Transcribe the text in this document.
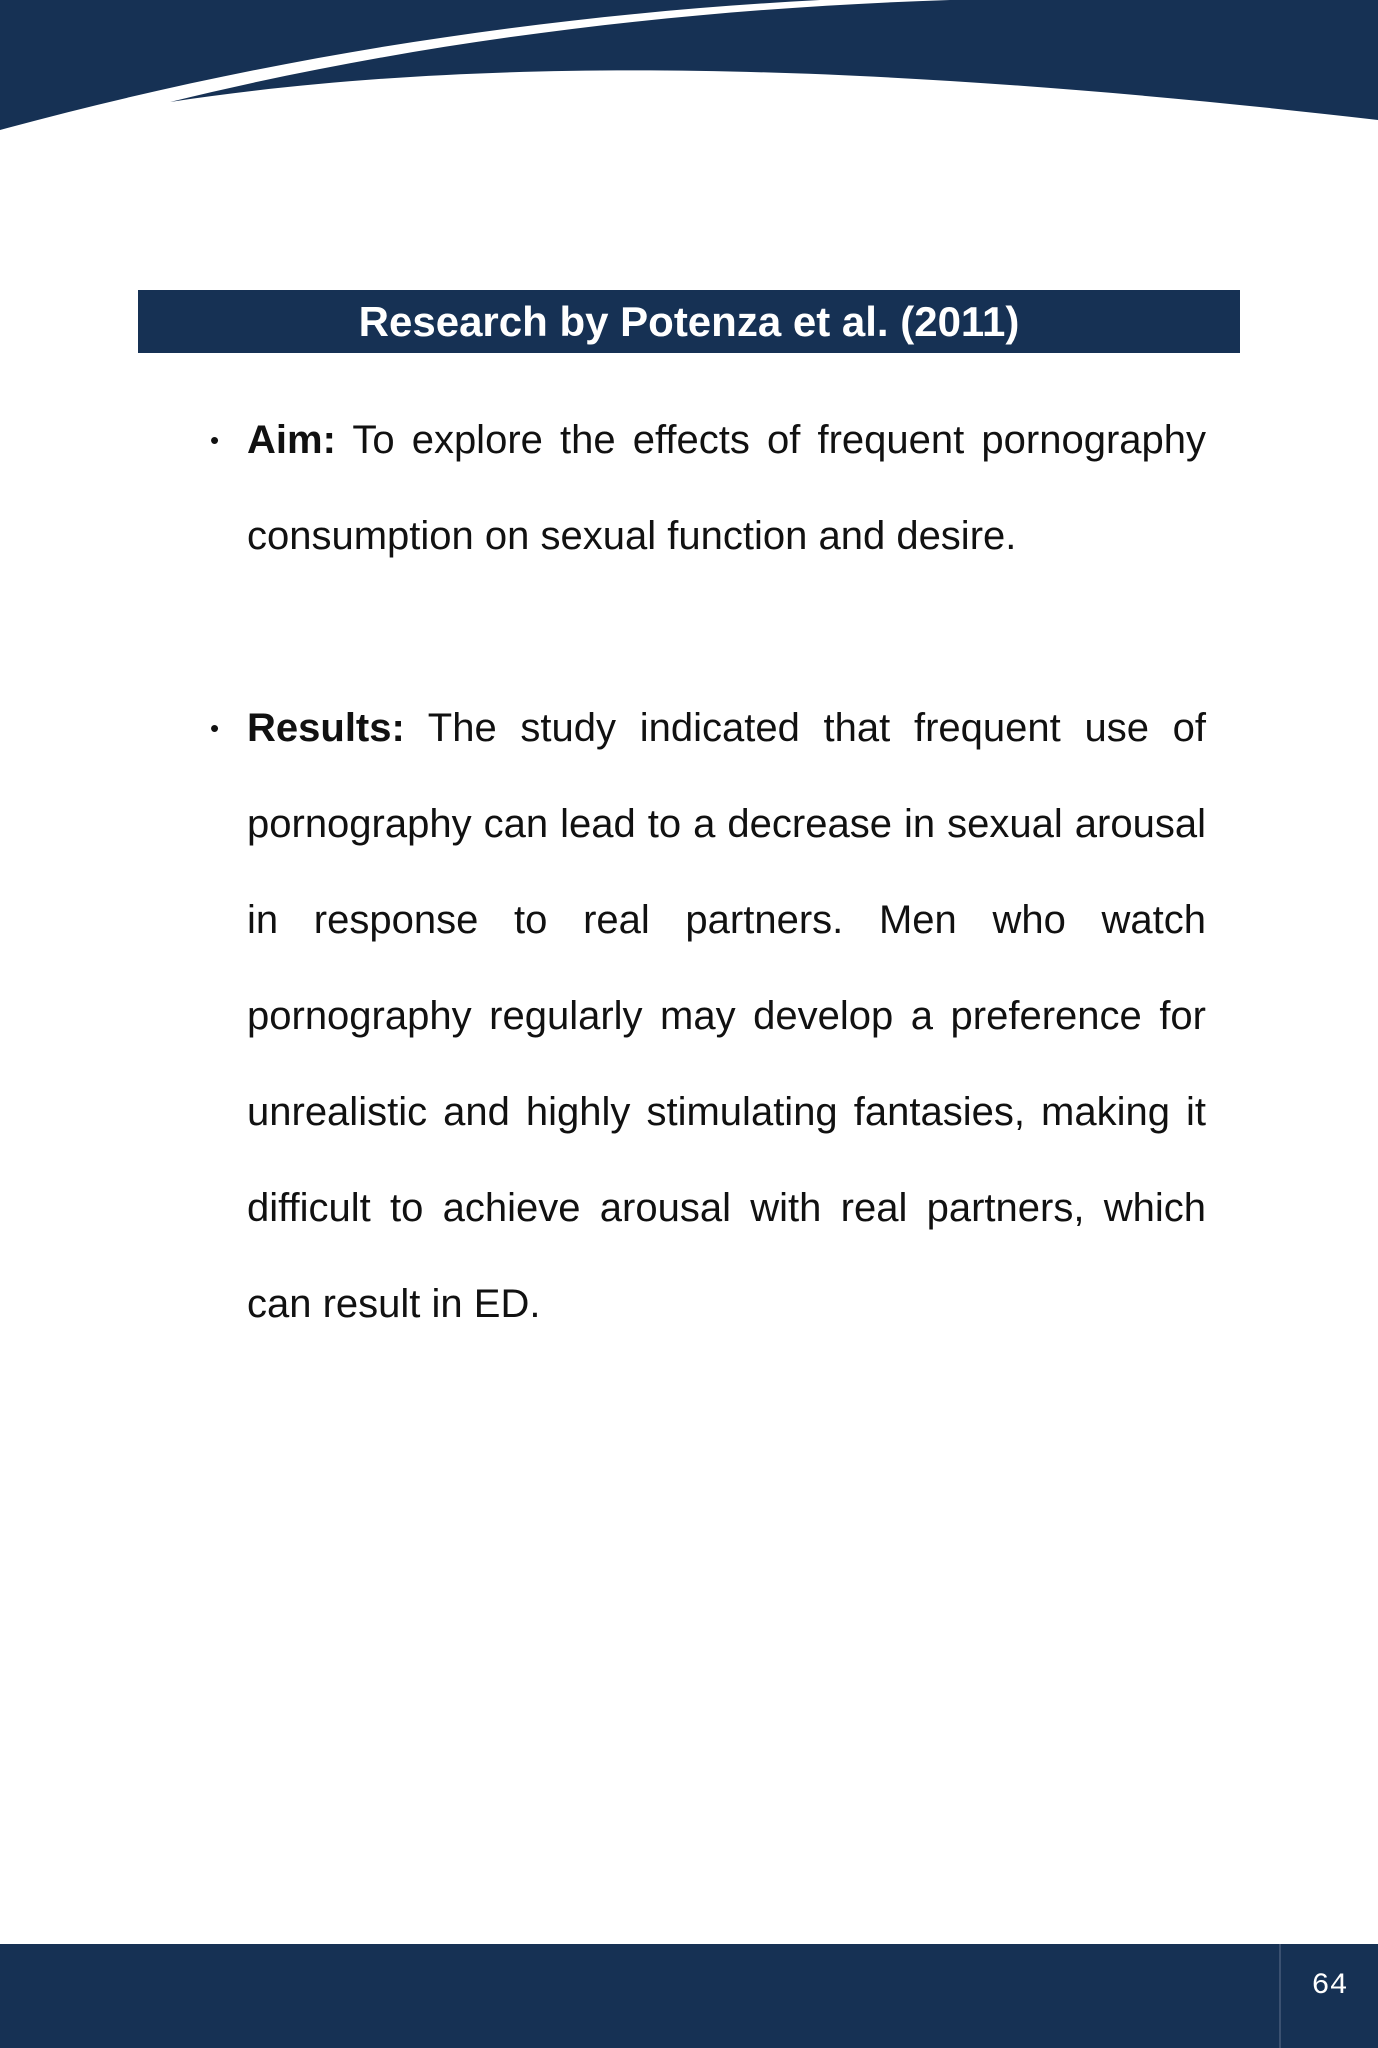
Research by Potenza et al. (2011)
• Aim: To explore the effects of frequent pornography consumption on sexual function and desire.
• Results: The study indicated that frequent use of pornography can lead to a decrease in sexual arousal in response to real partners. Men who watch pornography regularly may develop a preference for unrealistic and highly stimulating fantasies, making it difficult to achieve arousal with real partners, which can result in ED.
64
